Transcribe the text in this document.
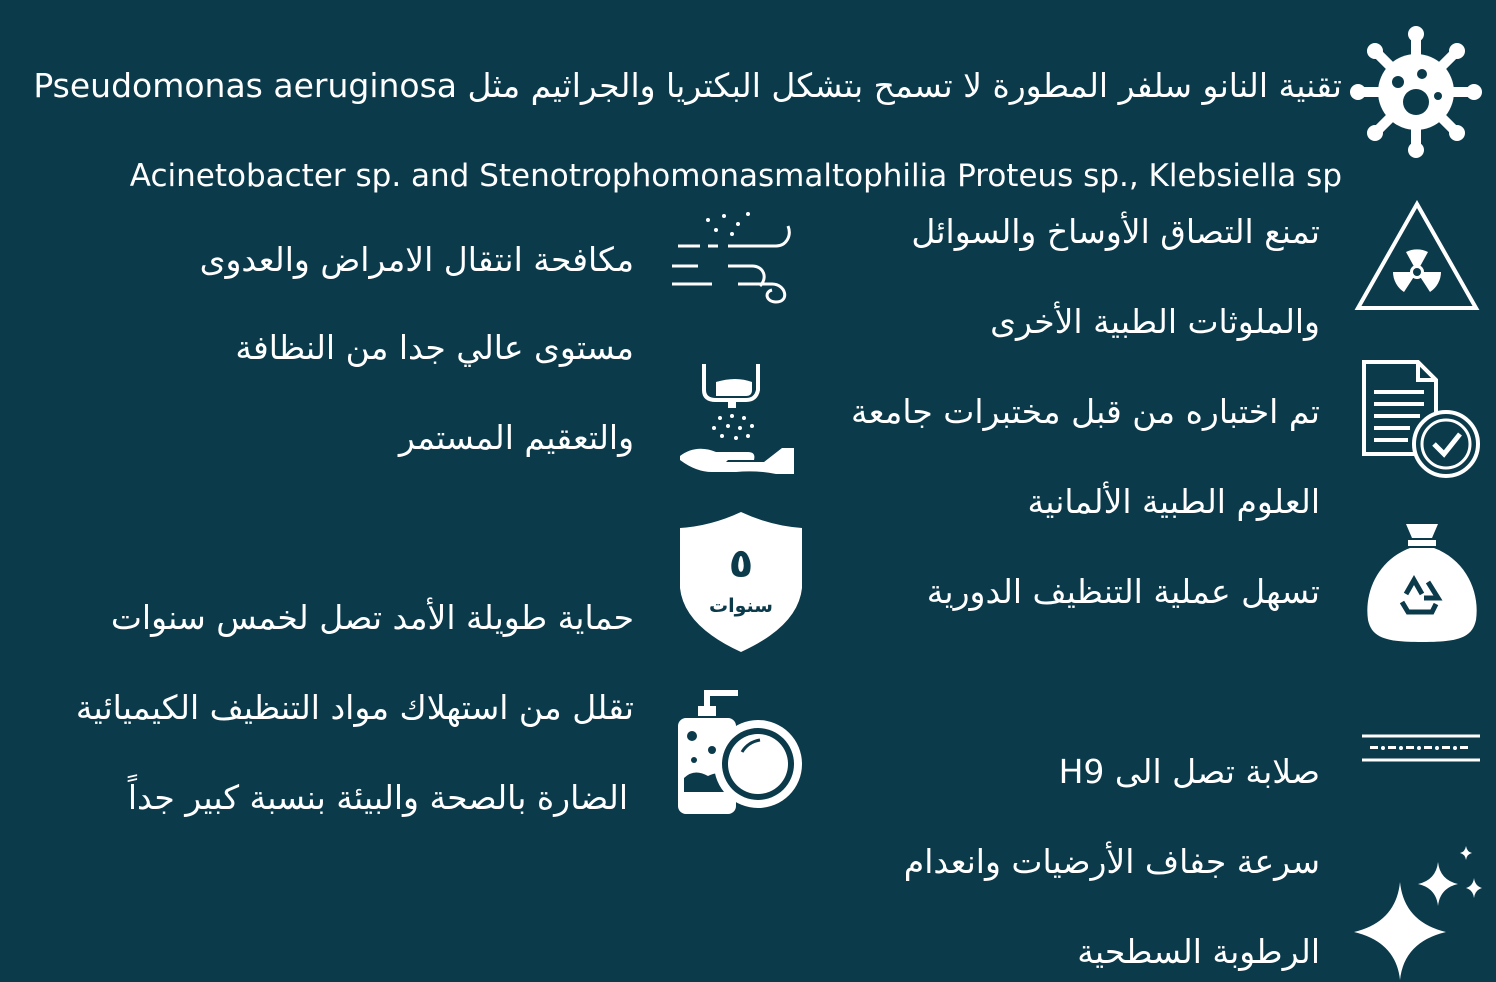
تقنية النانو سلفر المطورة لا تسمح بتشكل البكتريا والجراثيم مثل Pseudomonas aeruginosa
Acinetobacter sp. and Stenotrophomonasmaltophilia Proteus sp., Klebsiella sp
تمنع التصاق الأوساخ والسوائل
والملوثات الطبية الأخرى
تم اختباره من قبل مختبرات جامعة
العلوم الطبية الألمانية
تسهل عملية التنظيف الدورية
صلابة تصل الى H9
سرعة جفاف الأرضيات وانعدام
الرطوبة السطحية
مكافحة انتقال الامراض والعدوى
مستوى عالي جدا من النظافة
والتعقيم المستمر
حماية طويلة الأمد تصل لخمس سنوات
٥
سنوات
تقلل من استهلاك مواد التنظيف الكيميائية
الضارة بالصحة والبيئة بنسبة كبير جداً
